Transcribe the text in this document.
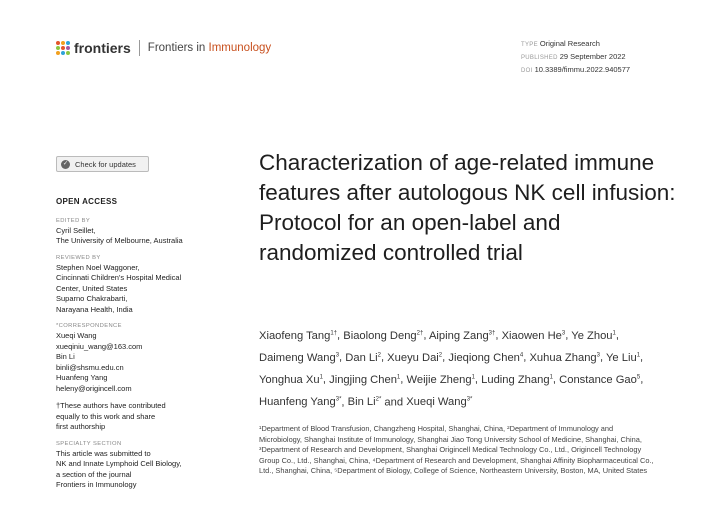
frontiers Frontiers in Immunology	TYPE Original Research
PUBLISHED 29 September 2022
DOI 10.3389/fimmu.2022.940577
✓ Check for updates
OPEN ACCESS
EDITED BY
Cyril Seillet,
The University of Melbourne, Australia
REVIEWED BY
Stephen Noel Waggoner,
Cincinnati Children's Hospital Medical
Center, United States
Suparno Chakrabarti,
Narayana Health, India
*CORRESPONDENCE
Xueqi Wang
xueqiniu_wang@163.com
Bin Li
binli@shsmu.edu.cn
Huanfeng Yang
heleny@origincell.com
†These authors have contributed
equally to this work and share
first authorship
SPECIALTY SECTION
This article was submitted to
NK and Innate Lymphoid Cell Biology,
a section of the journal
Frontiers in Immunology
Characterization of age-related immune features after autologous NK cell infusion: Protocol for an open-label and randomized controlled trial
Xiaofeng Tang$^{1\dagger}$, Biaolong Deng$^{2\dagger}$, Aiping Zang$^{3\dagger}$, Xiaowen He$^3$, Ye Zhou$^1$, Daimeng Wang$^3$, Dan Li$^2$, Xueyu Dai$^2$, Jieqiong Chen$^4$, Xuhua Zhang$^3$, Ye Liu$^1$, Yonghua Xu$^1$, Jingjing Chen$^1$, Weijie Zheng$^1$, Luding Zhang$^1$, Constance Gao$^5$, Huanfeng Yang$^{3*}$, Bin $Li^{2*}$ and Xueqi Wang$^{3*}$
¹Department of Blood Transfusion, Changzheng Hospital, Shanghai, China, ²Department of Immunology and Microbiology, Shanghai Institute of Immunology, Shanghai Jiao Tong University School of Medicine, Shanghai, China, ³Department of Research and Development, Shanghai Origincell Medical Technology Co., Ltd., Origincell Technology Group Co., Ltd., Shanghai, China, ⁴Department of Research and Development, Shanghai Affinity Biopharmaceutical Co., Ltd., Shanghai, China, ⁵Department of Biology, College of Science, Northeastern University, Boston, MA, United States
